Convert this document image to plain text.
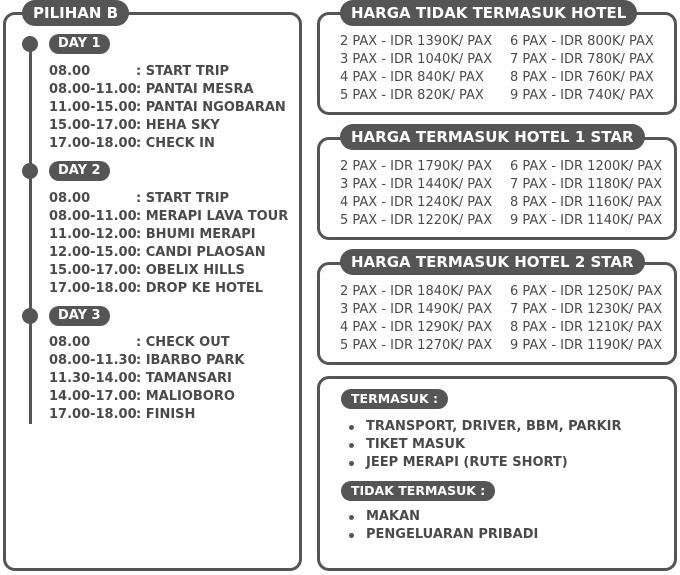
PILIHAN B
DAY 1
08.00	: START TRIP
08.00-11.00: PANTAI MESRA
11.00-15.00: PANTAI NGOBARAN
15.00-17.00: HEHA SKY
17.00-18.00: CHECK IN
DAY 2
08.00	: START TRIP
08.00-11.00: MERAPI LAVA TOUR
11.00-12.00: BHUMI MERAPI
12.00-15.00: CANDI PLAOSAN
15.00-17.00: OBELIX HILLS
17.00-18.00: DROP KE HOTEL
DAY 3
08.00	: CHECK OUT
08.00-11.30: IBARBO PARK
11.30-14.00: TAMANSARI
14.00-17.00: MALIOBORO
17.00-18.00: FINISH
HARGA TIDAK TERMASUK HOTEL
2 PAX - IDR 1390K/ PAX 6 PAX - IDR 800K/ PAX
3 PAX - IDR 1040K/ PAX 7 PAX - IDR 780K/ PAX
4 PAX - IDR 840K/ PAX 8 PAX - IDR 760K/ PAX
5 PAX - IDR 820K/ PAX 9 PAX - IDR 740K/ PAX
HARGA TERMASUK HOTEL 1 STAR
2 PAX - IDR 1790K/ PAX 6 PAX - IDR 1200K/ PAX
3 PAX - IDR 1440K/ PAX 7 PAX - IDR 1180K/ PAX
4 PAX - IDR 1240K/ PAX 8 PAX - IDR 1160K/ PAX
5 PAX - IDR 1220K/ PAX 9 PAX - IDR 1140K/ PAX
HARGA TERMASUK HOTEL 2 STAR
2 PAX - IDR 1840K/ PAX 6 PAX - IDR 1250K/ PAX
3 PAX - IDR 1490K/ PAX 7 PAX - IDR 1230K/ PAX
4 PAX - IDR 1290K/ PAX 8 PAX - IDR 1210K/ PAX
5 PAX - IDR 1270K/ PAX 9 PAX - IDR 1190K/ PAX
TERMASUK :
TRANSPORT, DRIVER, BBM, PARKIR
TIKET MASUK
JEEP MERAPI (RUTE SHORT)
TIDAK TERMASUK :
MAKAN
PENGELUARAN PRIBADI
